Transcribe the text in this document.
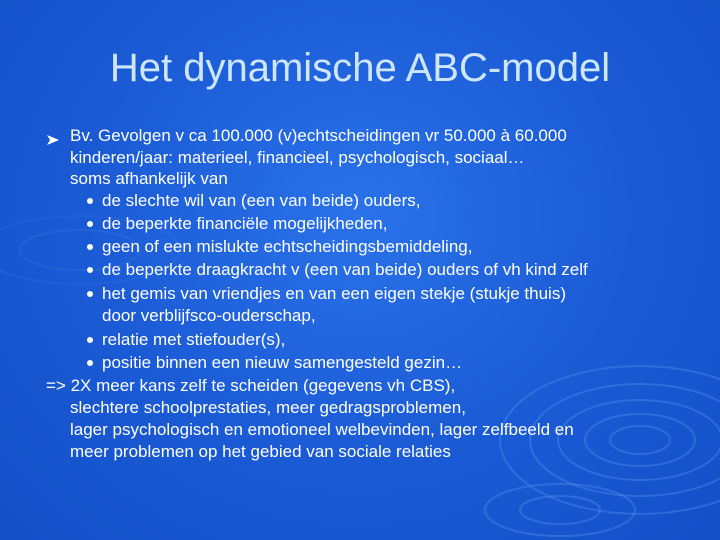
Het dynamische ABC-model
Bv. Gevolgen v ca 100.000 (v)echtscheidingen vr 50.000 à 60.000
kinderen/jaar: materieel, financieel, psychologisch, sociaal…
soms afhankelijk van
de slechte wil van (een van beide) ouders,
de beperkte financiële mogelijkheden,
geen of een mislukte echtscheidingsbemiddeling,
de beperkte draagkracht v (een van beide) ouders of vh kind zelf
het gemis van vriendjes en van een eigen stekje (stukje thuis)
door verblijfsco-ouderschap,
relatie met stiefouder(s),
positie binnen een nieuw samengesteld gezin…
=> 2X meer kans zelf te scheiden (gegevens vh CBS),
slechtere schoolprestaties, meer gedragsproblemen,
lager psychologisch en emotioneel welbevinden, lager zelfbeeld en
meer problemen op het gebied van sociale relaties
